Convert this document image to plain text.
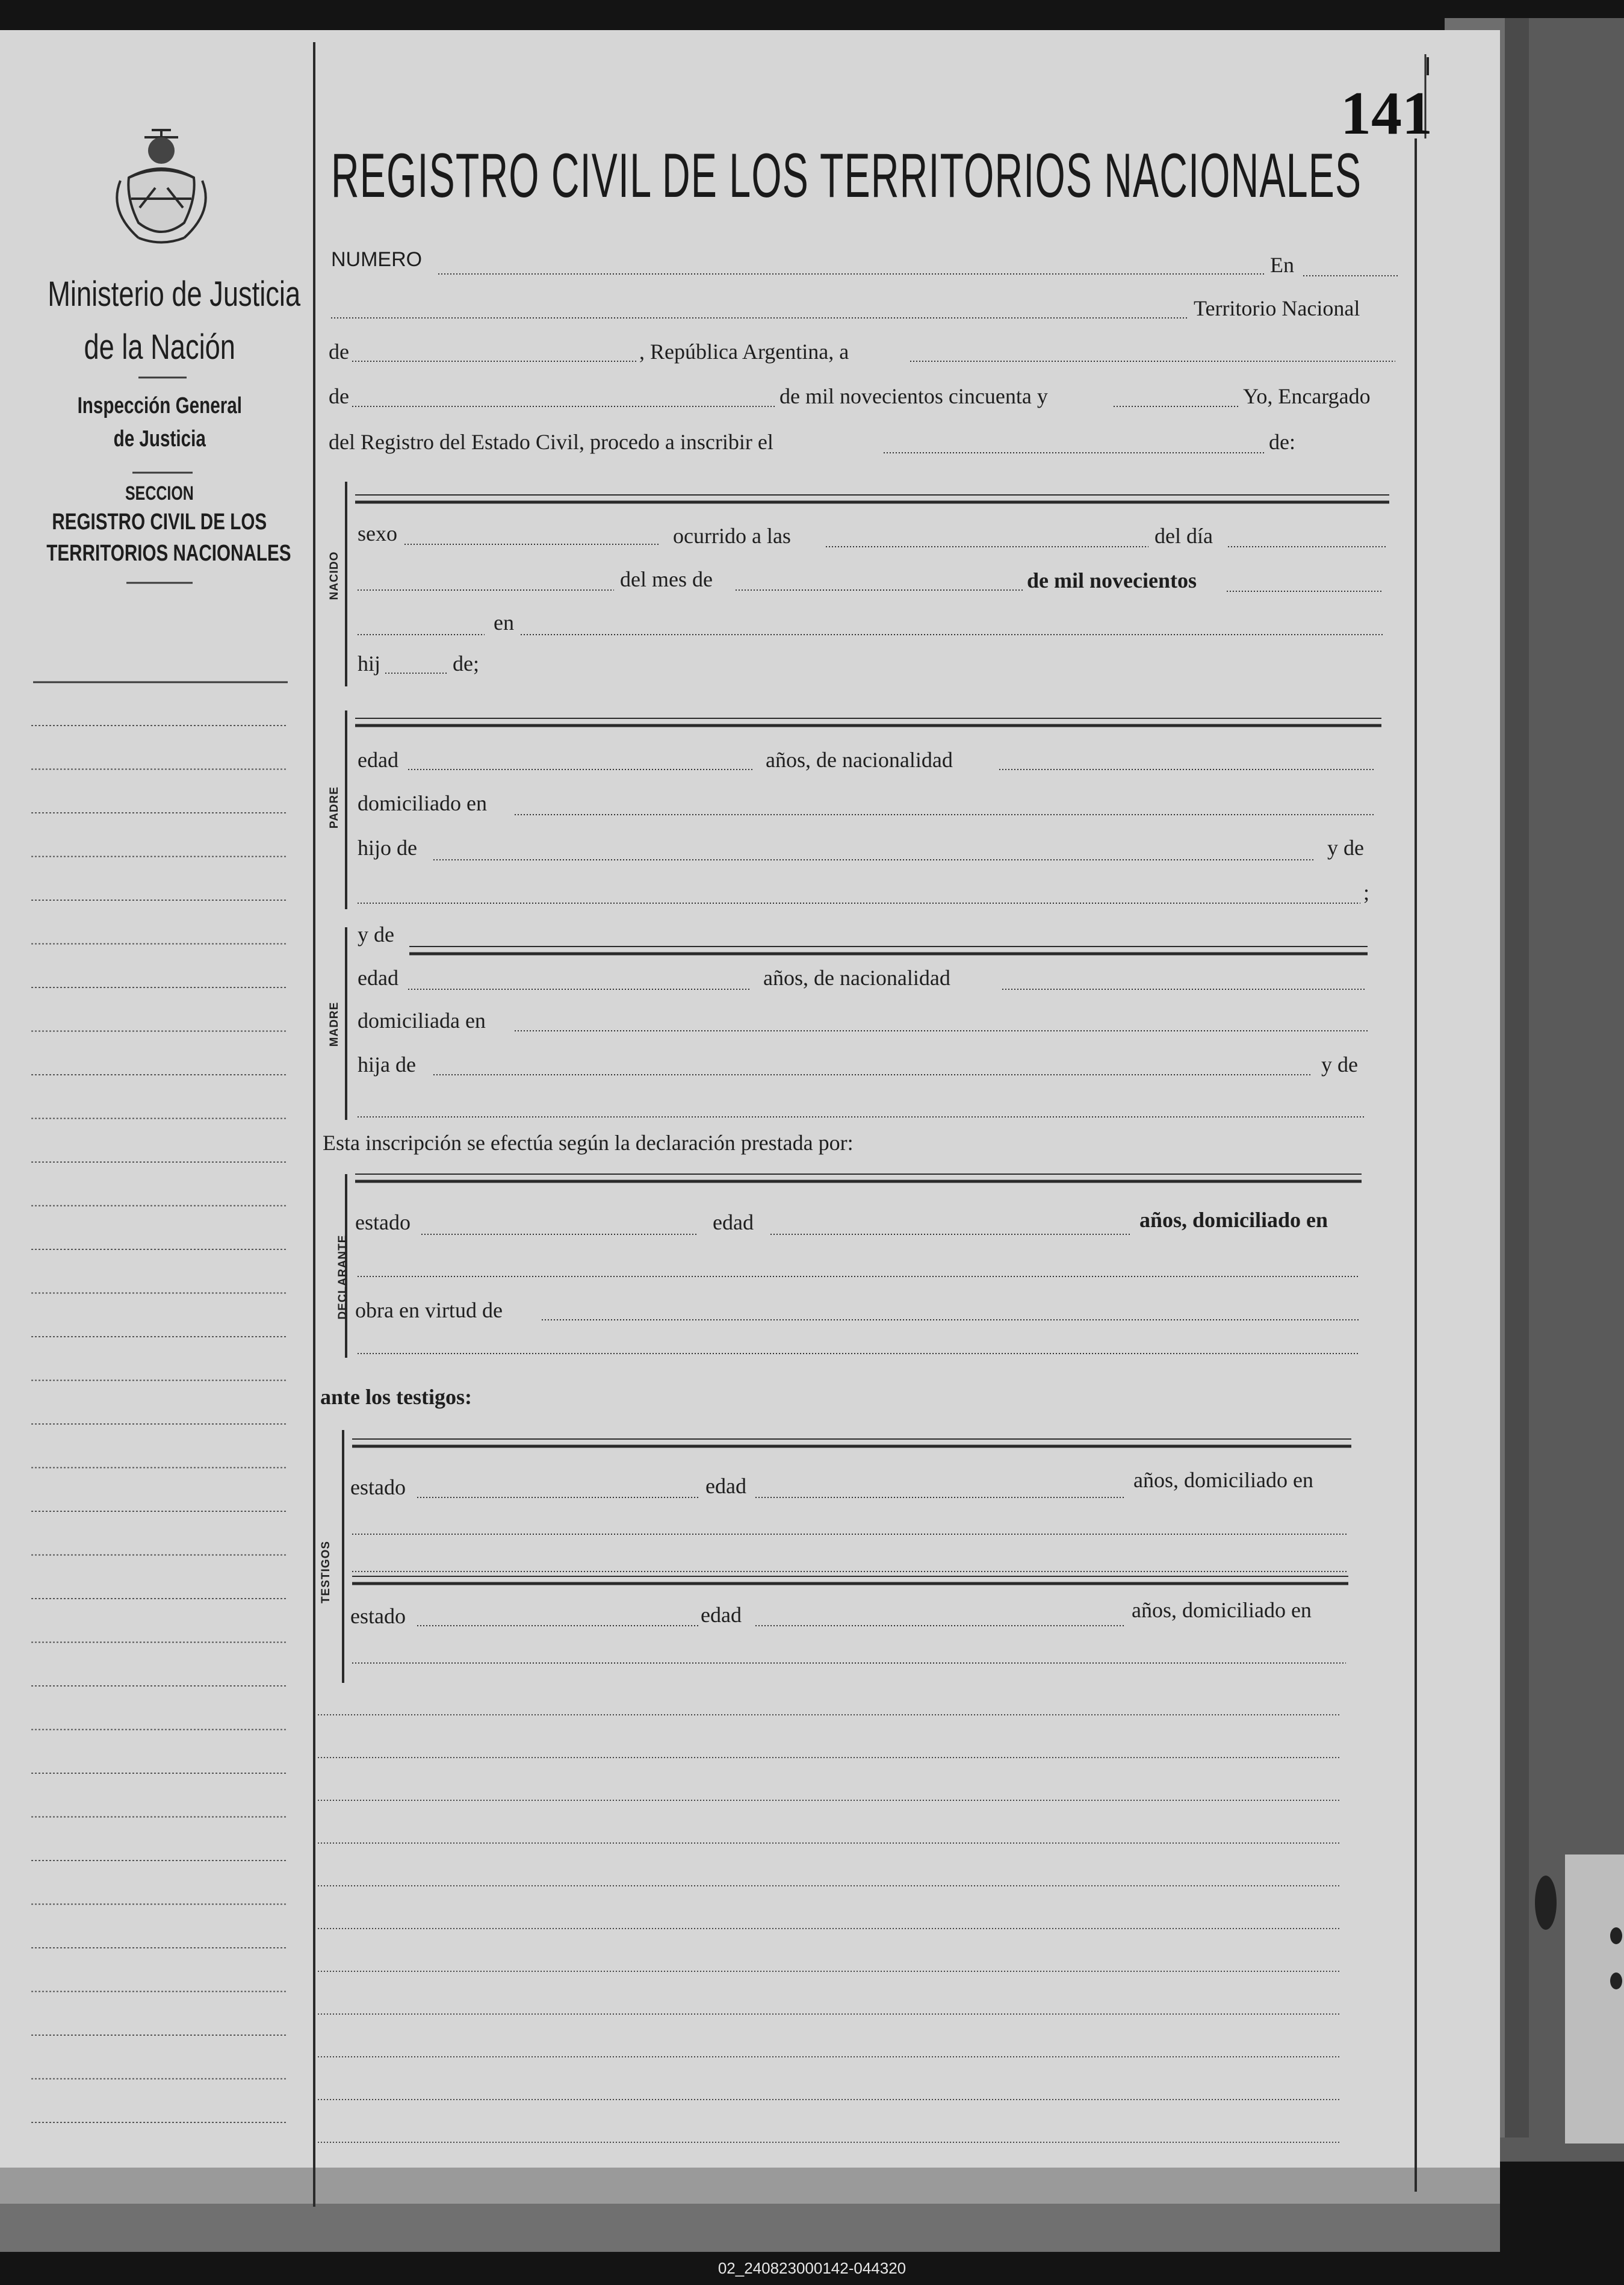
141
REGISTRO CIVIL DE LOS TERRITORIOS NACIONALES
Ministerio de Justicia
de la Nación
Inspección General
de Justicia
SECCION
REGISTRO CIVIL DE LOS
TERRITORIOS NACIONALES
NUMERO	En
Territorio Nacional
de	, República Argentina, a
de	de mil novecientos cincuenta y	Yo, Encargado
del Registro del Estado Civil, procedo a inscribir el	de:
NACIDO
sexo	ocurrido a las	del día
del mes de	de mil novecientos
en
hij	de;
PADRE
edad	años, de nacionalidad
domiciliado en
hijo de	y de
;
MADRE
y de
edad	años, de nacionalidad
domiciliada en
hija de	y de
Esta inscripción se efectúa según la declaración prestada por:
DECLARANTE
estado	edad	años, domiciliado en
obra en virtud de
ante los testigos:
TESTIGOS
estado	edad	años, domiciliado en
estado	edad	años, domiciliado en
02_240823000142-044320
